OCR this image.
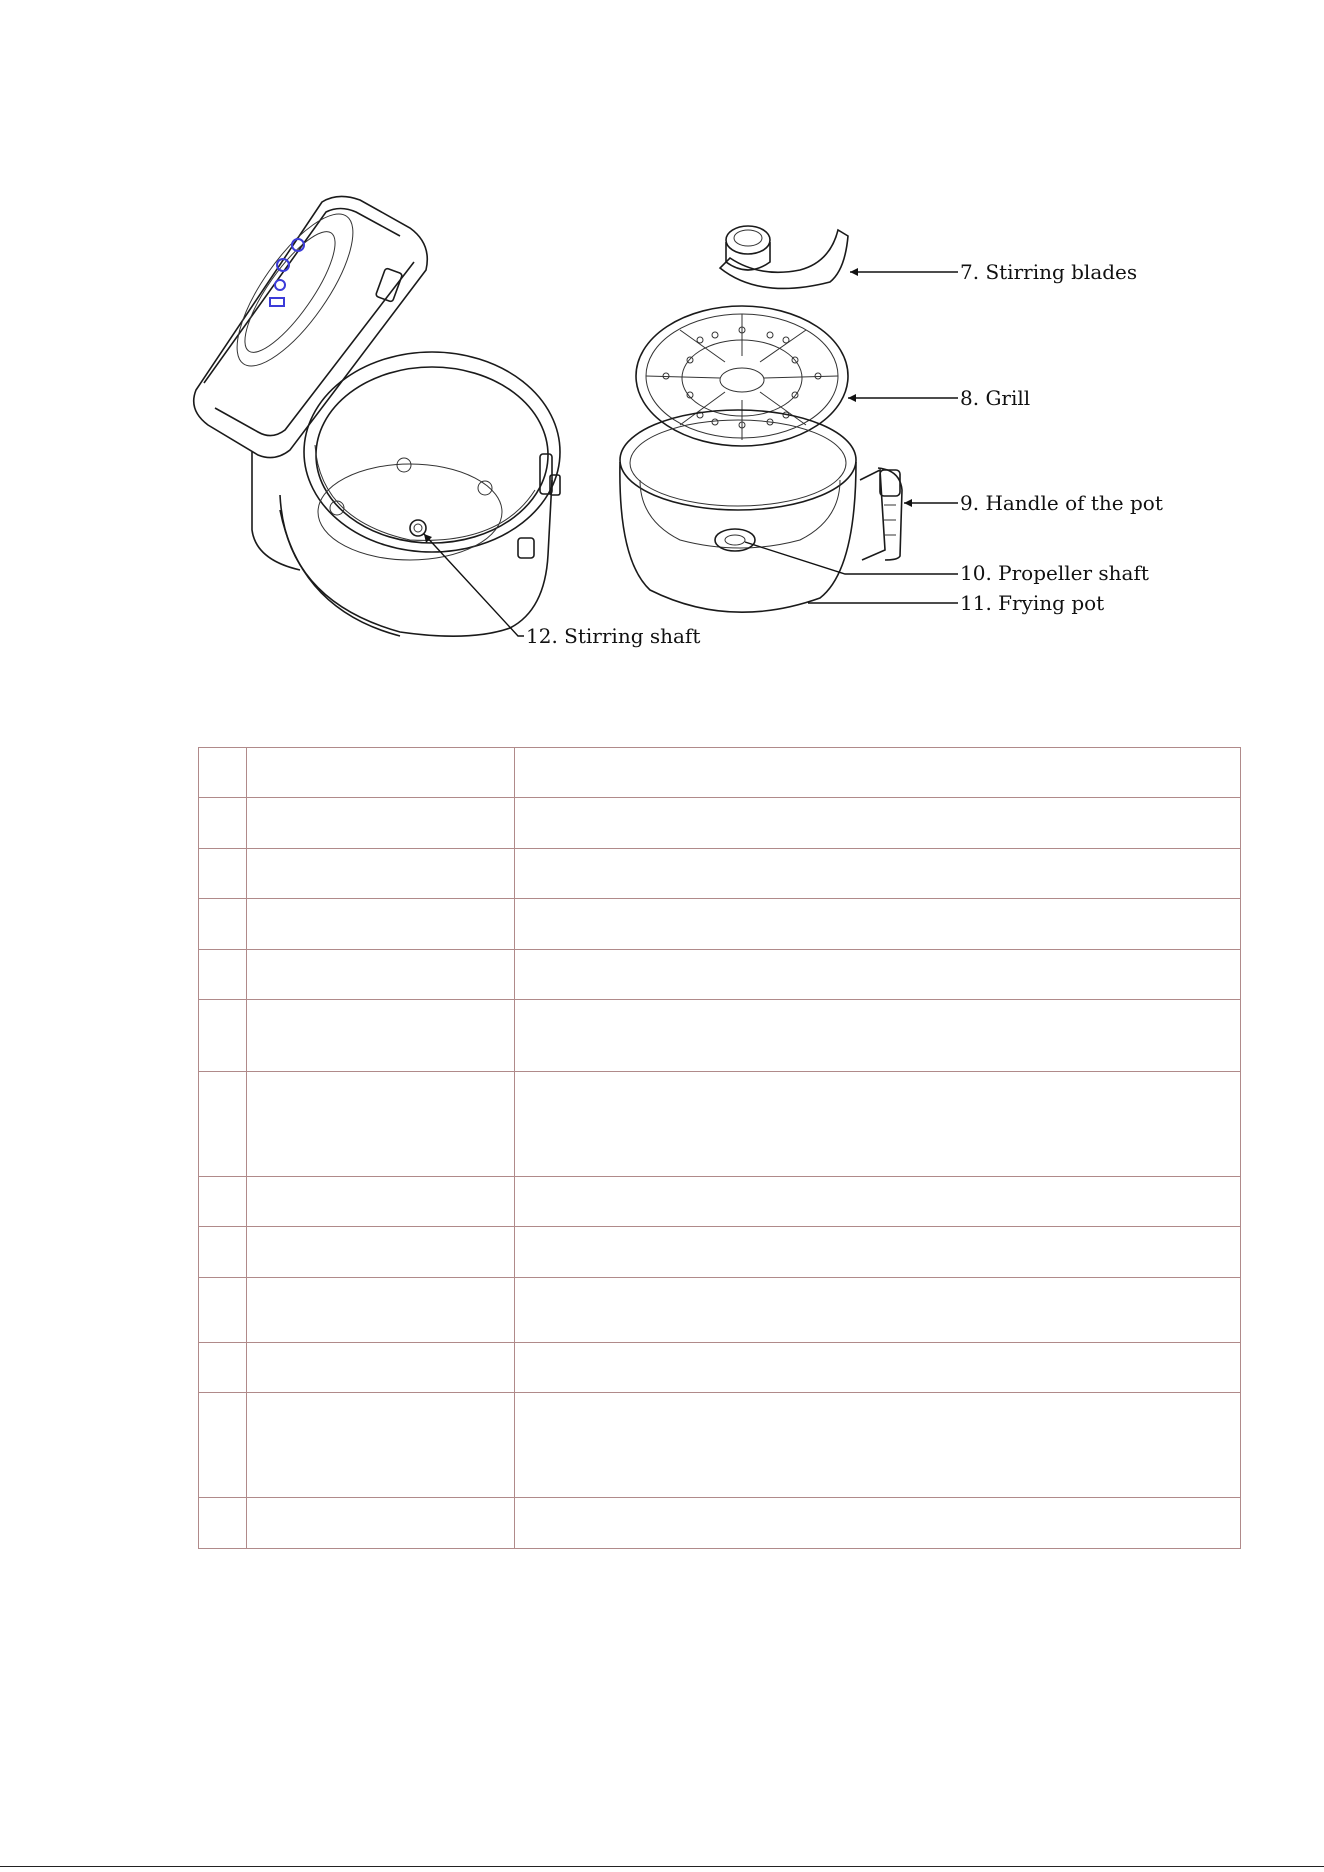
7. Stirring blades
8. Grill
9. Handle of the pot
10. Propeller shaft
11. Frying pot
12. Stirring shaft
